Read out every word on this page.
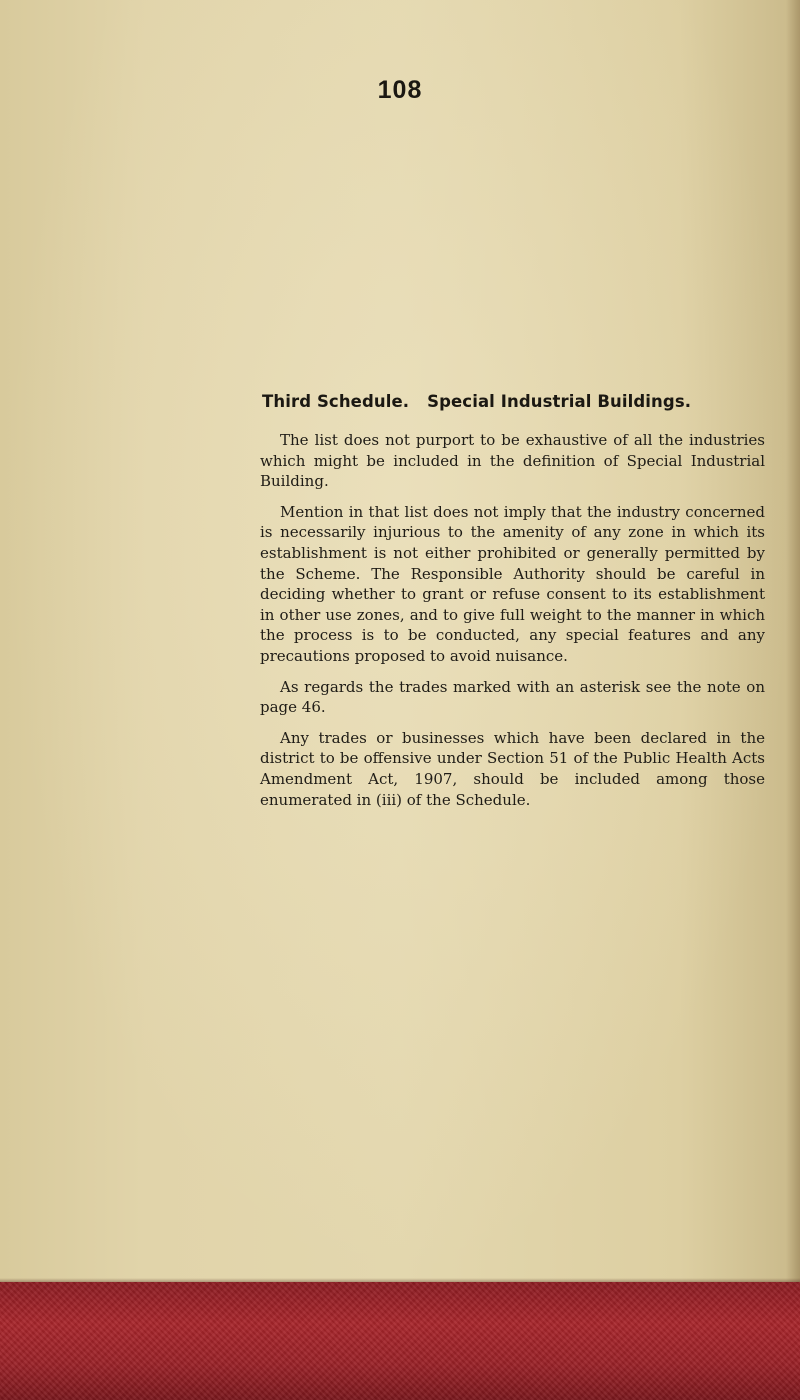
108
Third Schedule. Special Industrial Buildings.

The list does not purport to be exhaustive of all the industries which might be included in the definition of Special Industrial Building.

Mention in that list does not imply that the industry concerned is necessarily injurious to the amenity of any zone in which its establishment is not either prohibited or generally permitted by the Scheme. The Responsible Authority should be careful in deciding whether to grant or refuse consent to its establishment in other use zones, and to give full weight to the manner in which the process is to be conducted, any special features and any precautions proposed to avoid nuisance.

As regards the trades marked with an asterisk see the note on page 46.

Any trades or businesses which have been declared in the district to be offensive under Section 51 of the Public Health Acts Amendment Act, 1907, should be included among those enumerated in (iii) of the Schedule.
